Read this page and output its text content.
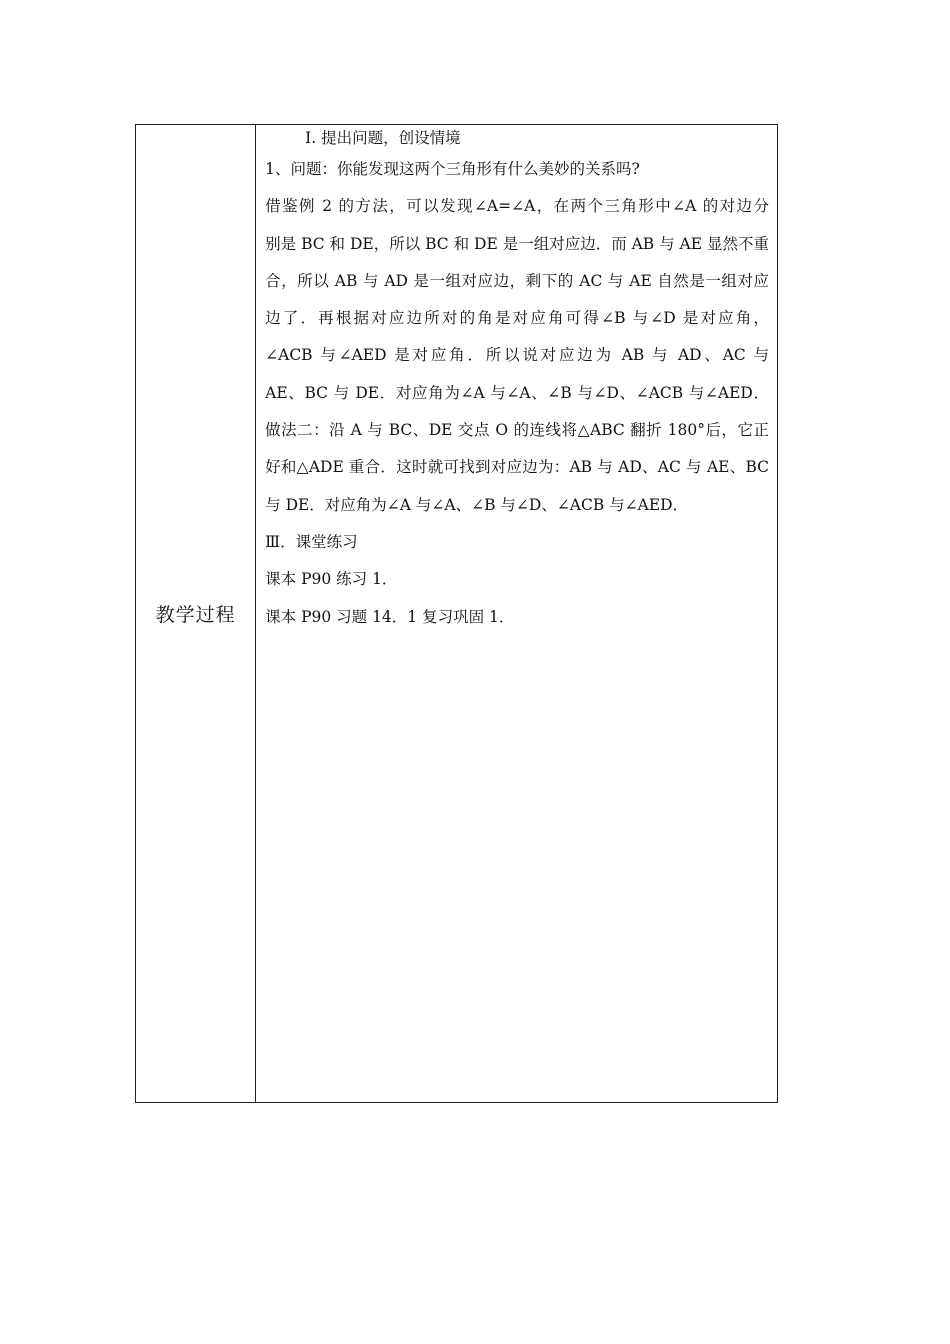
教学过程
I. 提出问题，创设情境
1、问题：你能发现这两个三角形有什么美妙的关系吗?
借鉴例 2 的方法，可以发现∠A=∠A，在两个三角形中∠A 的对边分
别是 BC 和 DE，所以 BC 和 DE 是一组对应边．而 AB 与 AE 显然不重
合，所以 AB 与 AD 是一组对应边，剩下的 AC 与 AE 自然是一组对应
边了．再根据对应边所对的角是对应角可得∠B 与∠D 是对应角，
∠ACB 与∠AED 是对应角．所以说对应边为 AB 与 AD、AC 与
AE、BC 与 DE．对应角为∠A 与∠A、∠B 与∠D、∠ACB 与∠AED．
做法二：沿 A 与 BC、DE 交点 O 的连线将△ABC 翻折 180°后，它正
好和△ADE 重合．这时就可找到对应边为：AB 与 AD、AC 与 AE、BC
与 DE．对应角为∠A 与∠A、∠B 与∠D、∠ACB 与∠AED．
Ⅲ．课堂练习
课本 P90 练习 1．
课本 P90 习题 14．1 复习巩固 1．
